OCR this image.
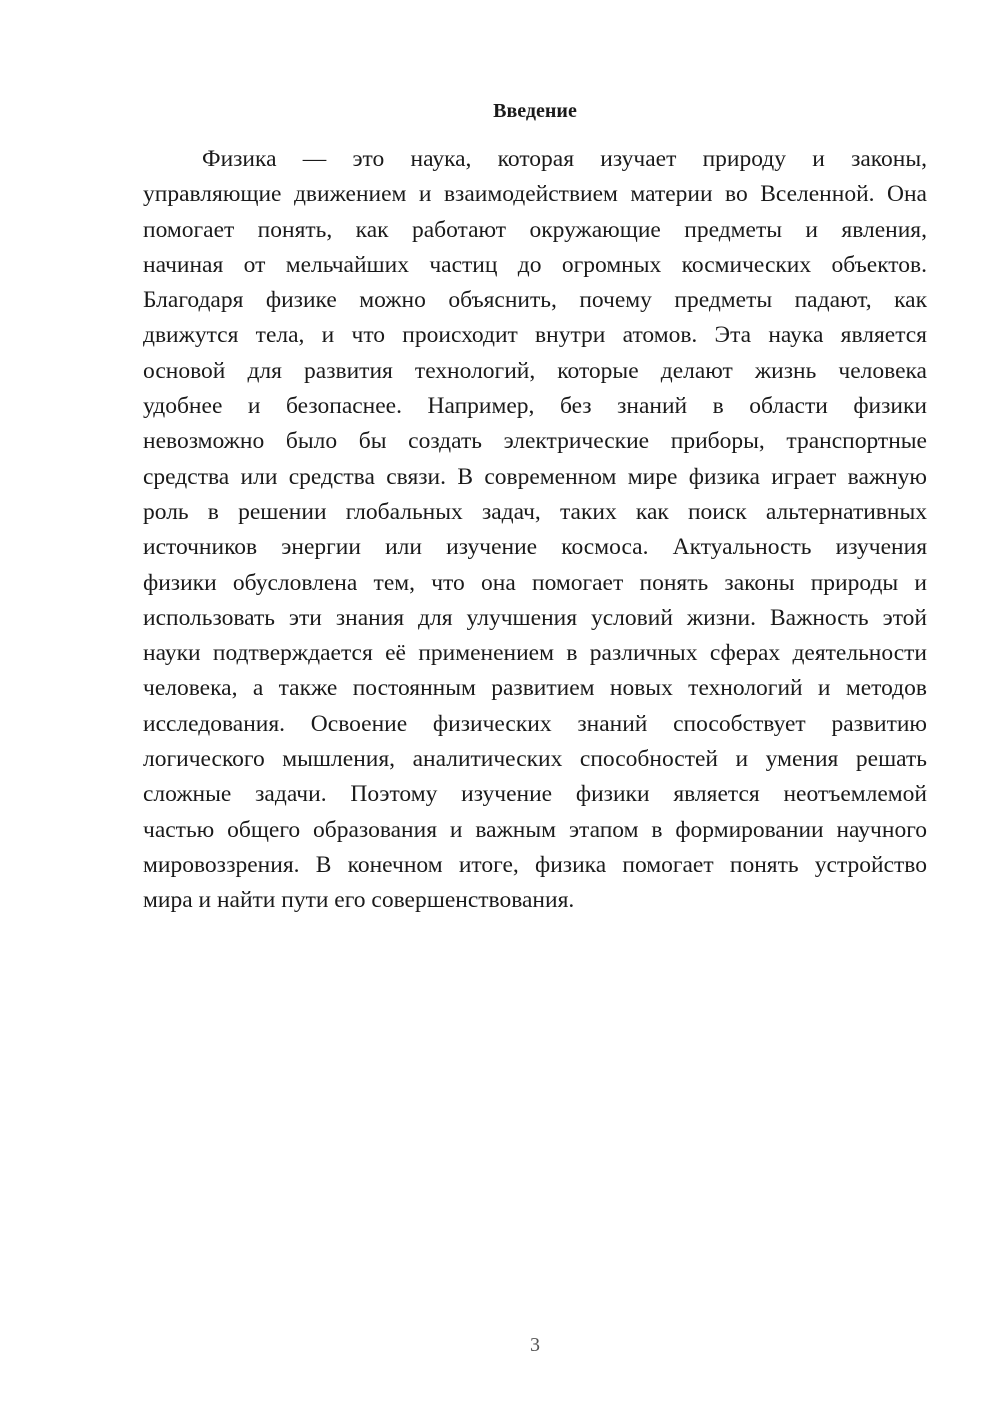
Введение
Физика — это наука, которая изучает природу и законы,
управляющие движением и взаимодействием материи во Вселенной. Она
помогает понять, как работают окружающие предметы и явления,
начиная от мельчайших частиц до огромных космических объектов.
Благодаря физике можно объяснить, почему предметы падают, как
движутся тела, и что происходит внутри атомов. Эта наука является
основой для развития технологий, которые делают жизнь человека
удобнее и безопаснее. Например, без знаний в области физики
невозможно было бы создать электрические приборы, транспортные
средства или средства связи. В современном мире физика играет важную
роль в решении глобальных задач, таких как поиск альтернативных
источников энергии или изучение космоса. Актуальность изучения
физики обусловлена тем, что она помогает понять законы природы и
использовать эти знания для улучшения условий жизни. Важность этой
науки подтверждается её применением в различных сферах деятельности
человека, а также постоянным развитием новых технологий и методов
исследования. Освоение физических знаний способствует развитию
логического мышления, аналитических способностей и умения решать
сложные задачи. Поэтому изучение физики является неотъемлемой
частью общего образования и важным этапом в формировании научного
мировоззрения. В конечном итоге, физика помогает понять устройство
мира и найти пути его совершенствования.
3
